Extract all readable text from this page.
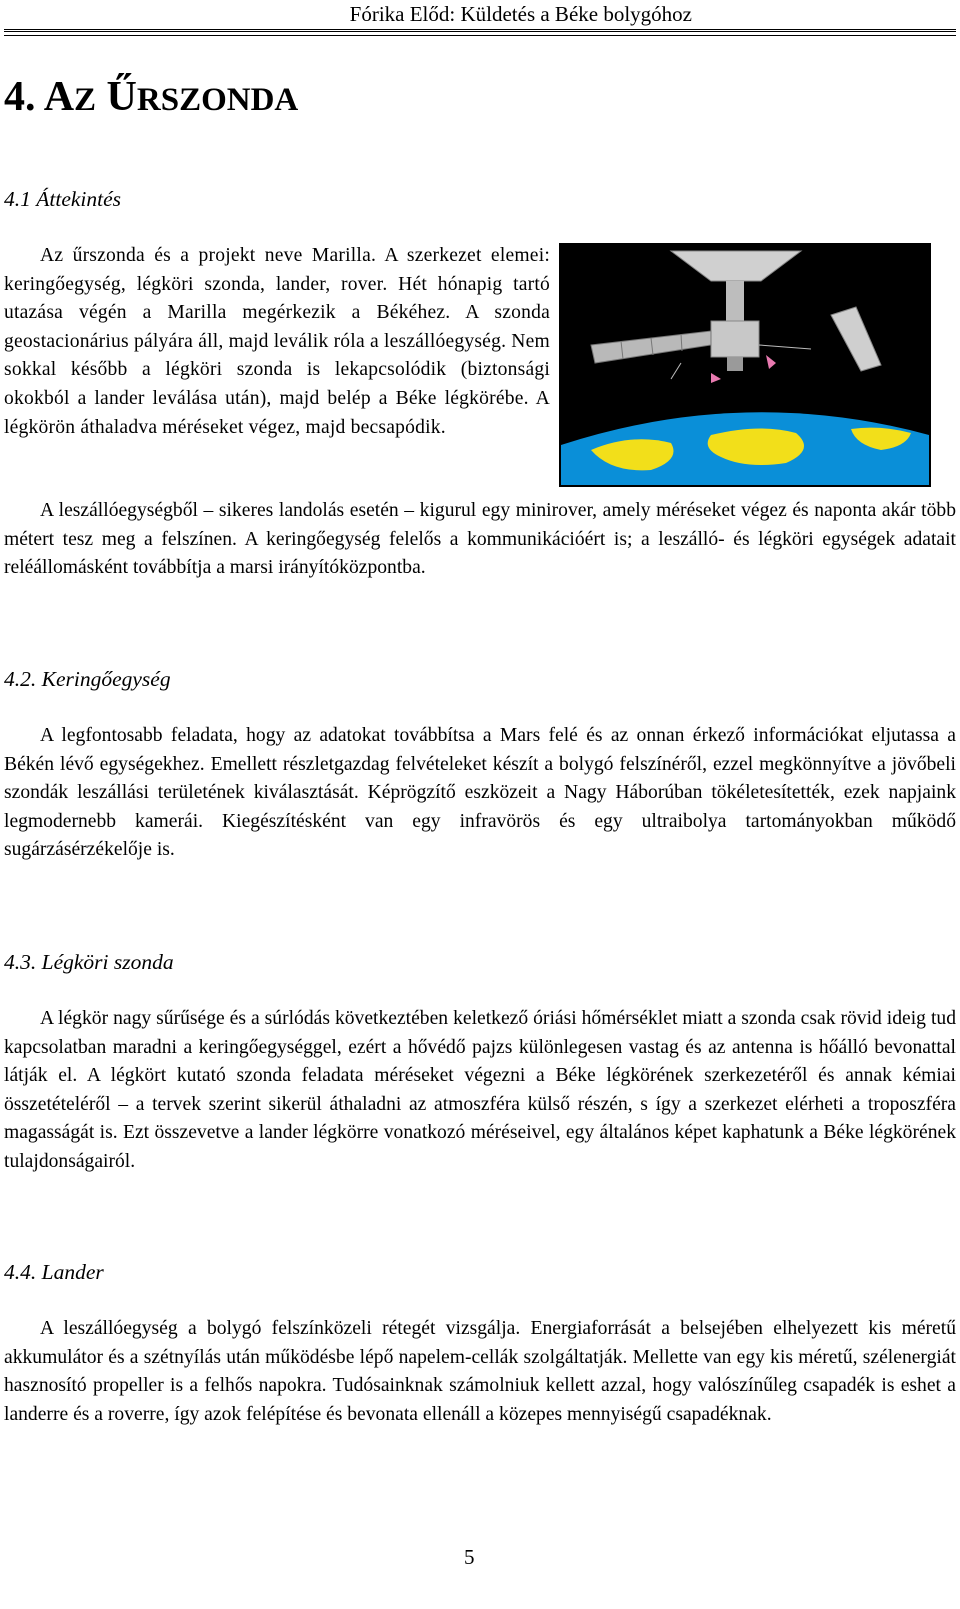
Fórika Előd: Küldetés a Béke bolygóhoz
4. AZ ŰRSZONDA
4.1 Áttekintés

Az űrszonda és a projekt neve Marilla. A szerkezet elemei: keringőegység, légköri szonda, lander, rover. Hét hónapig tartó utazása végén a Marilla megérkezik a Békéhez. A szonda geostacionárius pályára áll, majd leválik róla a leszállóegység. Nem sokkal később a légköri szonda is lekapcsolódik (biztonsági okokból a lander leválása után), majd belép a Béke légkörébe. A légkörön áthaladva méréseket végez, majd becsapódik.

A leszállóegységből – sikeres landolás esetén – kigurul egy minirover, amely méréseket végez és naponta akár több métert tesz meg a felszínen. A keringőegység felelős a kommunikációért is; a leszálló- és légköri egységek adatait reléállomásként továbbítja a marsi irányítóközpontba.

4.2. Keringőegység

A legfontosabb feladata, hogy az adatokat továbbítsa a Mars felé és az onnan érkező információkat eljutassa a Békén lévő egységekhez. Emellett részletgazdag felvételeket készít a bolygó felszínéről, ezzel megkönnyítve a jövőbeli szondák leszállási területének kiválasztását. Képrögzítő eszközeit a Nagy Háborúban tökéletesítették, ezek napjaink legmodernebb kamerái. Kiegészítésként van egy infravörös és egy ultraibolya tartományokban működő sugárzásérzékelője is.

4.3. Légköri szonda

A légkör nagy sűrűsége és a súrlódás következtében keletkező óriási hőmérséklet miatt a szonda csak rövid ideig tud kapcsolatban maradni a keringőegységgel, ezért a hővédő pajzs különlegesen vastag és az antenna is hőálló bevonattal látják el. A légkört kutató szonda feladata méréseket végezni a Béke légkörének szerkezetéről és annak kémiai összetételéről – a tervek szerint sikerül áthaladni az atmoszféra külső részén, s így a szerkezet elérheti a troposzféra magasságát is. Ezt összevetve a lander légkörre vonatkozó méréseivel, egy általános képet kaphatunk a Béke légkörének tulajdonságairól.

4.4. Lander

A leszállóegység a bolygó felszínközeli rétegét vizsgálja. Energiaforrását a belsejében elhelyezett kis méretű akkumulátor és a szétnyílás után működésbe lépő napelem-cellák szolgáltatják. Mellette van egy kis méretű, szélenergiát hasznosító propeller is a felhős napokra. Tudósainknak számolniuk kellett azzal, hogy valószínűleg csapadék is eshet a landerre és a roverre, így azok felépítése és bevonata ellenáll a közepes mennyiségű csapadéknak.

5
